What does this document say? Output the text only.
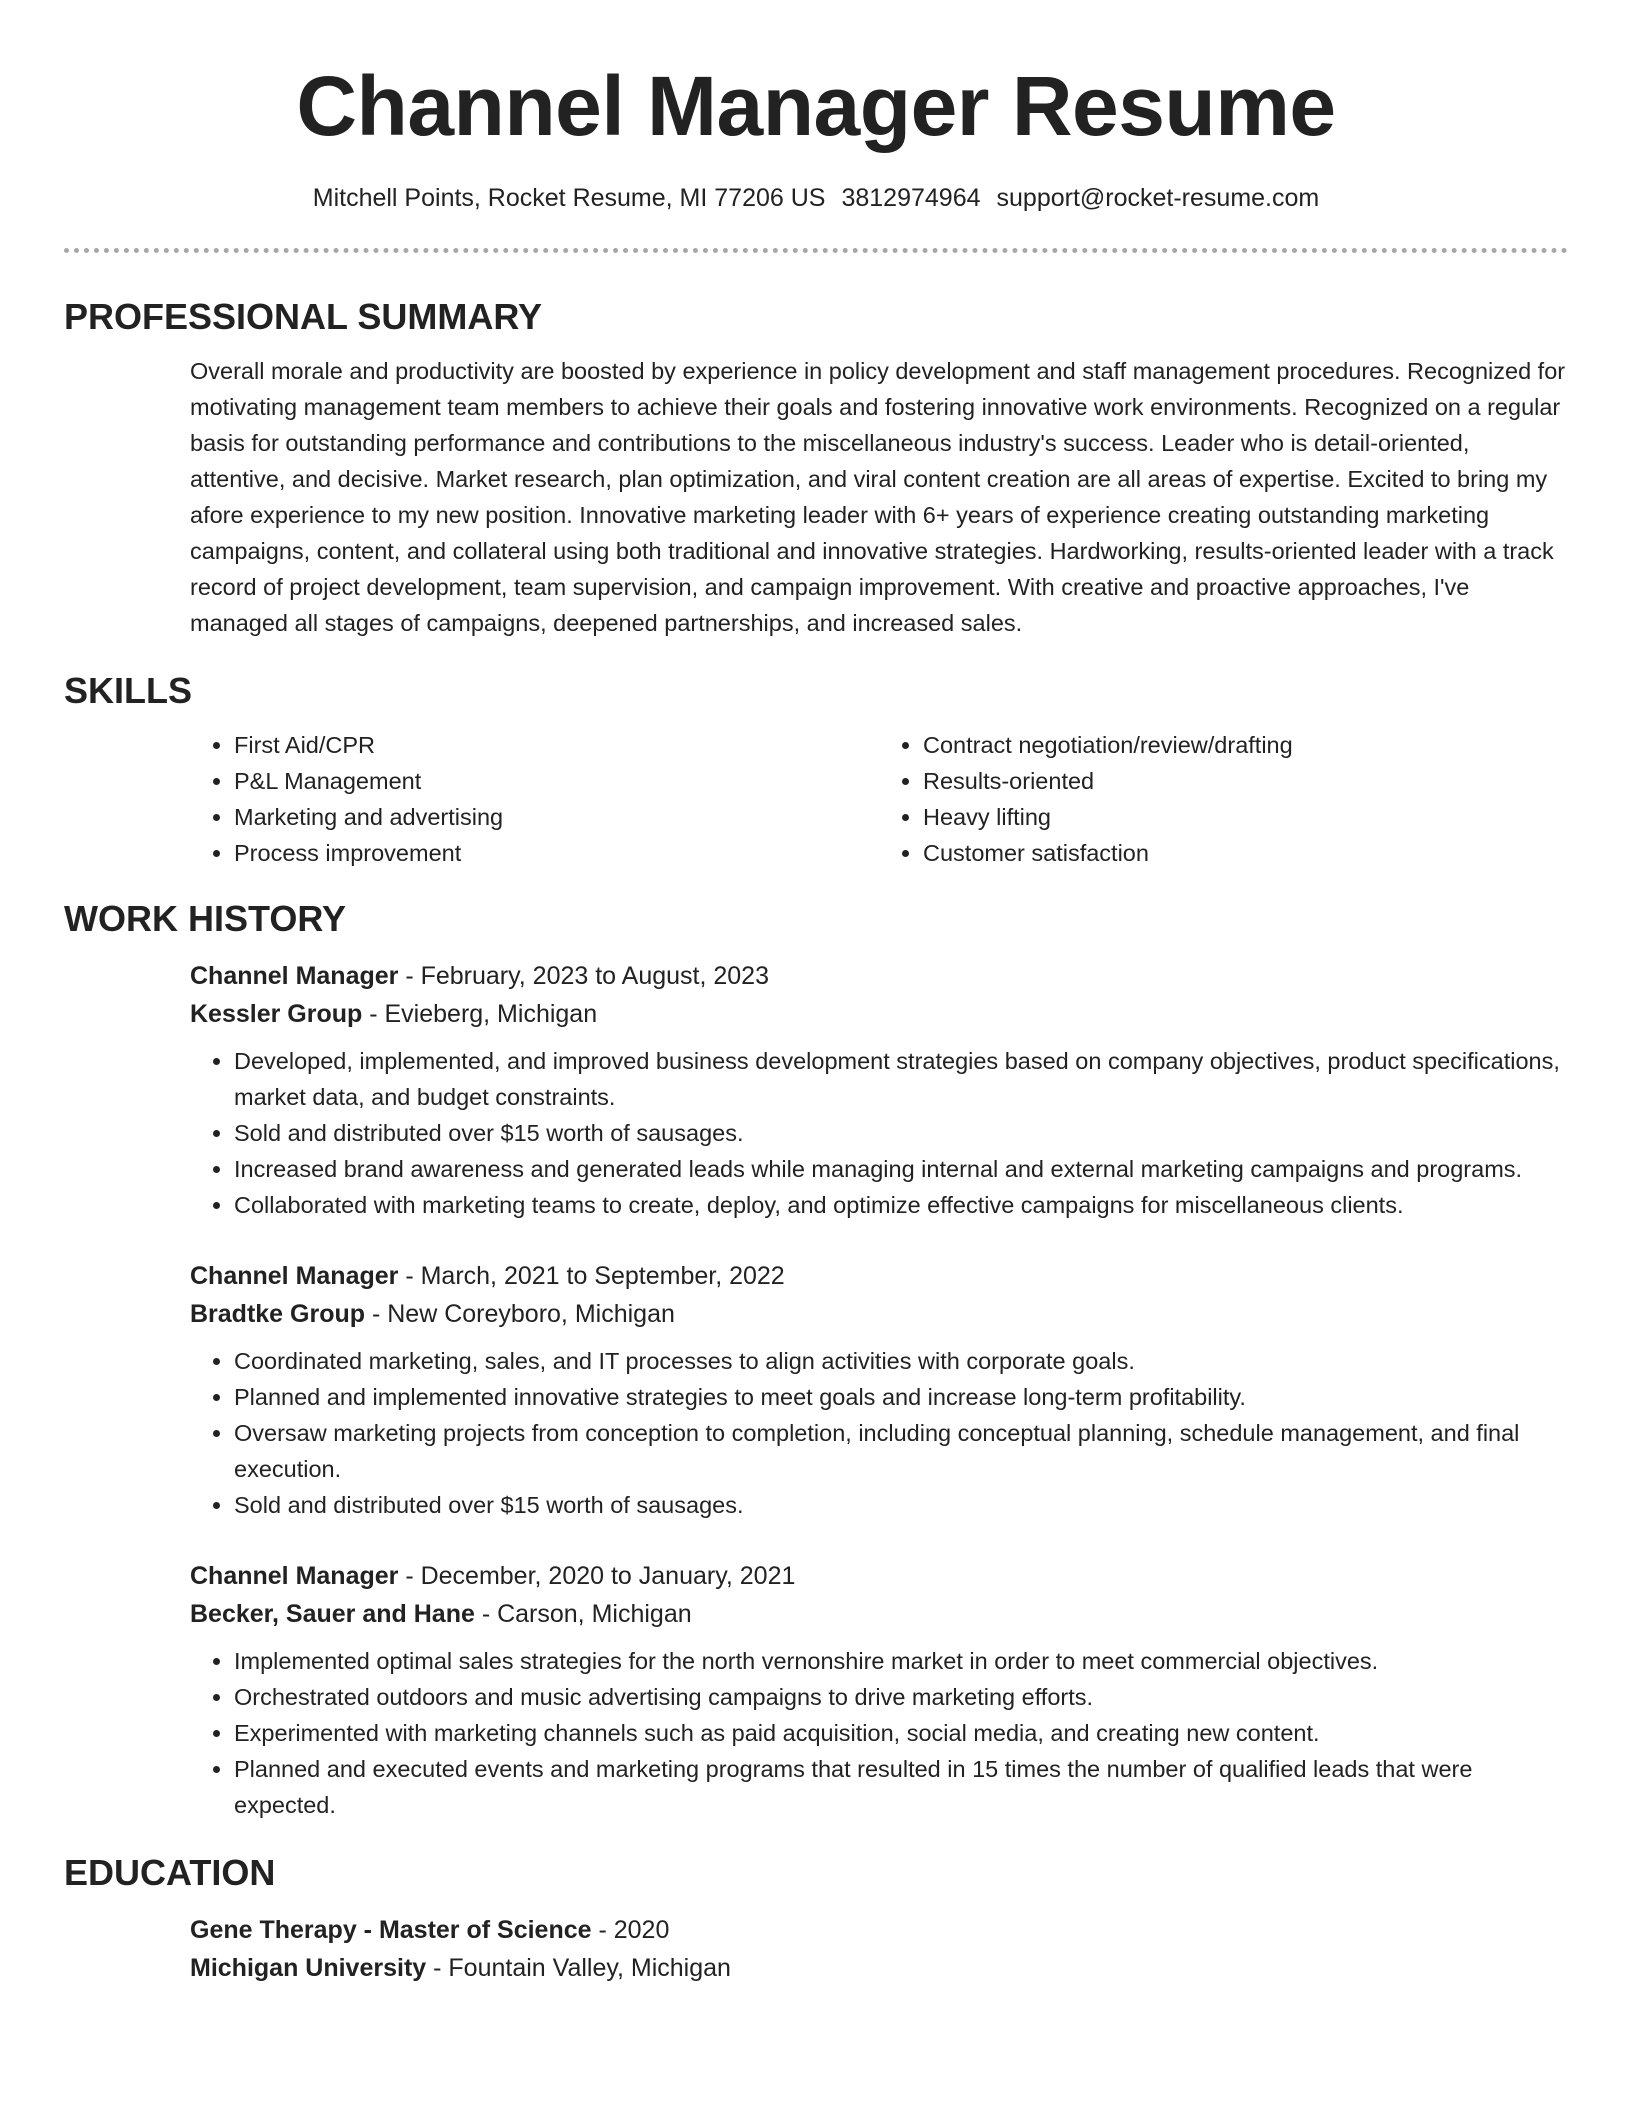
Channel Manager Resume
Mitchell Points, Rocket Resume, MI 77206 US 3812974964 support@rocket-resume.com
PROFESSIONAL SUMMARY

Overall morale and productivity are boosted by experience in policy development and staff management procedures. Recognized for motivating management team members to achieve their goals and fostering innovative work environments. Recognized on a regular basis for outstanding performance and contributions to the miscellaneous industry's success. Leader who is detail-oriented, attentive, and decisive. Market research, plan optimization, and viral content creation are all areas of expertise. Excited to bring my afore experience to my new position. Innovative marketing leader with 6+ years of experience creating outstanding marketing campaigns, content, and collateral using both traditional and innovative strategies. Hardworking, results-oriented leader with a track record of project development, team supervision, and campaign improvement. With creative and proactive approaches, I've managed all stages of campaigns, deepened partnerships, and increased sales.

SKILLS
• First Aid/CPR
• P&L Management
• Marketing and advertising
• Process improvement
• Contract negotiation/review/drafting
• Results-oriented
• Heavy lifting
• Customer satisfaction
WORK HISTORY
Channel Manager - February, 2023 to August, 2023
Kessler Group - Evieberg, Michigan
• Developed, implemented, and improved business development strategies based on company objectives, product specifications, market data, and budget constraints.
• Sold and distributed over $15 worth of sausages.
• Increased brand awareness and generated leads while managing internal and external marketing campaigns and programs.
• Collaborated with marketing teams to create, deploy, and optimize effective campaigns for miscellaneous clients.
Channel Manager - March, 2021 to September, 2022
Bradtke Group - New Coreyboro, Michigan
• Coordinated marketing, sales, and IT processes to align activities with corporate goals.
• Planned and implemented innovative strategies to meet goals and increase long-term profitability.
• Oversaw marketing projects from conception to completion, including conceptual planning, schedule management, and final execution.
• Sold and distributed over $15 worth of sausages.
Channel Manager - December, 2020 to January, 2021
Becker, Sauer and Hane - Carson, Michigan
• Implemented optimal sales strategies for the north vernonshire market in order to meet commercial objectives.
• Orchestrated outdoors and music advertising campaigns to drive marketing efforts.
• Experimented with marketing channels such as paid acquisition, social media, and creating new content.
• Planned and executed events and marketing programs that resulted in 15 times the number of qualified leads that were expected.
EDUCATION
Gene Therapy - Master of Science - 2020
Michigan University - Fountain Valley, Michigan
